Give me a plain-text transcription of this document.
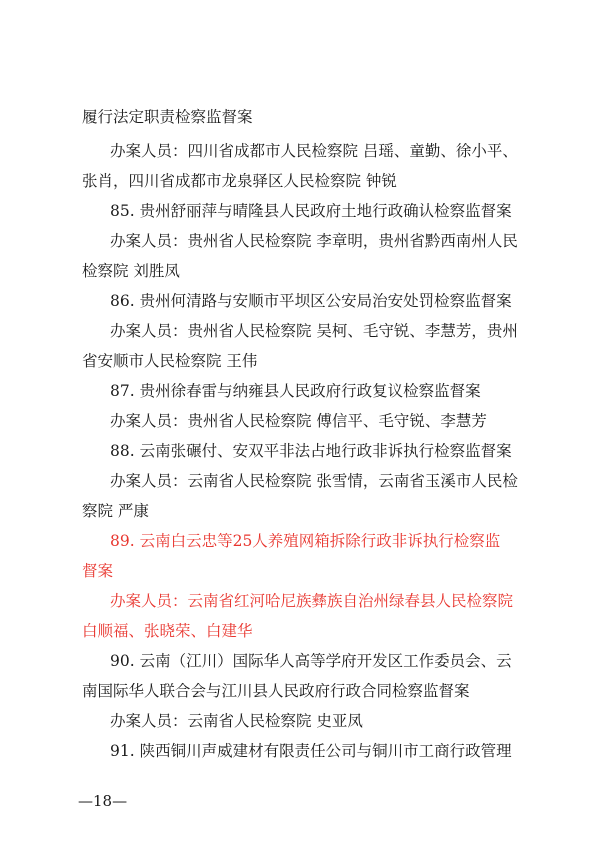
履行法定职责检察监督案
办案人员：四川省成都市人民检察院 吕瑶、童勤、徐小平、
张肖，四川省成都市龙泉驿区人民检察院 钟锐
85. 贵州舒丽萍与晴隆县人民政府土地行政确认检察监督案
办案人员：贵州省人民检察院 李章明，贵州省黔西南州人民
检察院 刘胜凤
86. 贵州何清路与安顺市平坝区公安局治安处罚检察监督案
办案人员：贵州省人民检察院 吴柯、毛守锐、李慧芳，贵州
省安顺市人民检察院 王伟
87. 贵州徐春雷与纳雍县人民政府行政复议检察监督案
办案人员：贵州省人民检察院 傅信平、毛守锐、李慧芳
88. 云南张碾付、安双平非法占地行政非诉执行检察监督案
办案人员：云南省人民检察院 张雪情，云南省玉溪市人民检
察院 严康
89. 云南白云忠等25人养殖网箱拆除行政非诉执行检察监
督案
办案人员：云南省红河哈尼族彝族自治州绿春县人民检察院
白顺福、张晓荣、白建华
90. 云南（江川）国际华人高等学府开发区工作委员会、云
南国际华人联合会与江川县人民政府行政合同检察监督案
办案人员：云南省人民检察院 史亚凤
91. 陕西铜川声威建材有限责任公司与铜川市工商行政管理
—18—
